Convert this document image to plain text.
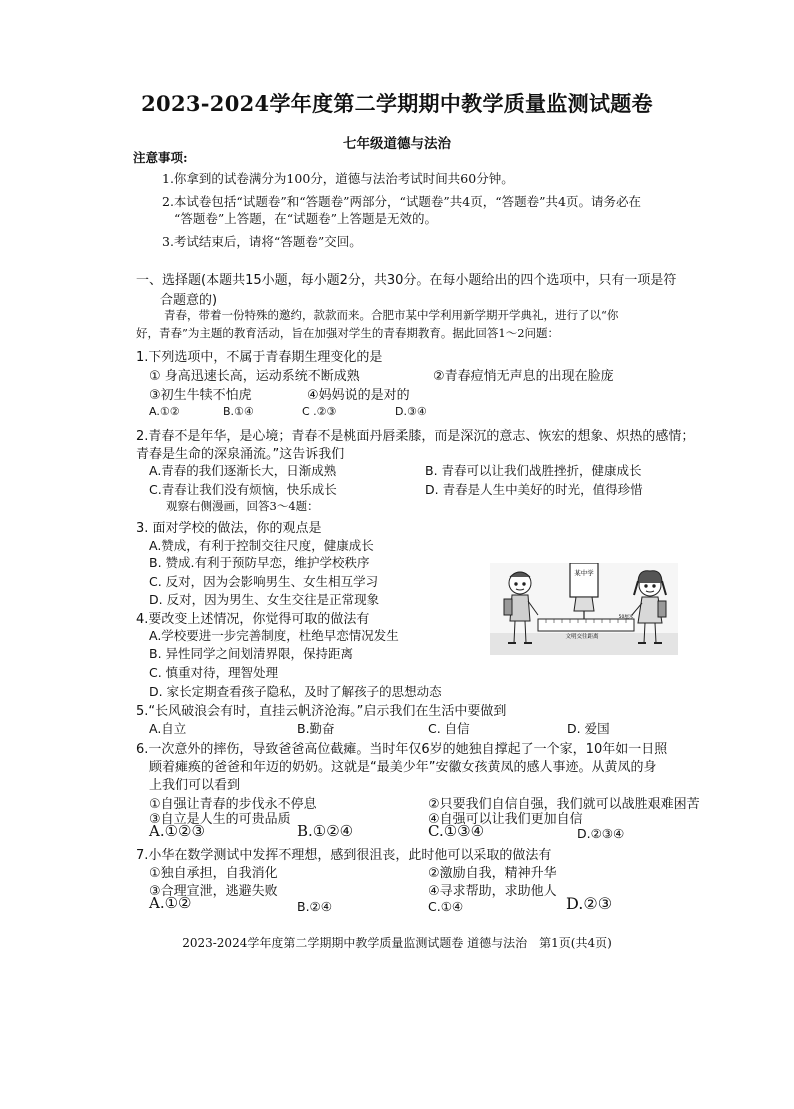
2023-2024学年度第二学期期中教学质量监测试题卷
七年级道德与法治
注意事项:
1.你拿到的试卷满分为100分，道德与法治考试时间共60分钟。
2.本试卷包括“试题卷”和“答题卷”两部分，“试题卷”共4页，“答题卷”共4页。请务必在
“答题卷”上答题，在“试题卷”上答题是无效的。
3.考试结束后，请将“答题卷”交回。
一、选择题(本题共15小题，每小题2分，共30分。在每小题给出的四个选项中，只有一项是符
合题意的)
青春，带着一份特殊的邀约，款款而来。合肥市某中学利用新学期开学典礼，进行了以“你
好，青春”为主题的教育活动，旨在加强对学生的青春期教育。据此回答1～2问题：
1.下列选项中，不属于青春期生理变化的是
① 身高迅速长高，运动系统不断成熟	②青春痘悄无声息的出现在脸庞
③初生牛犊不怕虎	④妈妈说的是对的
A.①②	B.①④	C .②③	D.③④
2.青春不是年华，是心境；青春不是桃面丹唇柔膝，而是深沉的意志、恢宏的想象、炽热的感情；
青春是生命的深泉涌流。”这告诉我们
A.青春的我们逐渐长大，日渐成熟	B. 青春可以让我们战胜挫折，健康成长
C.青春让我们没有烦恼，快乐成长	D. 青春是人生中美好的时光，值得珍惜
观察右侧漫画，回答3～4题：
3. 面对学校的做法，你的观点是
A.赞成，有利于控制交往尺度，健康成长
B. 赞成.有利于预防早恋，维护学校秩序
C. 反对，因为会影响男生、女生相互学习
D. 反对，因为男生、女生交往是正常现象
某中学
文明交往距离
50厘米
4.要改变上述情况，你觉得可取的做法有
A.学校要进一步完善制度，杜绝早恋情况发生
B. 异性同学之间划清界限，保持距离
C. 慎重对待，理智处理
D. 家长定期查看孩子隐私，及时了解孩子的思想动态
5.“长风破浪会有时，直挂云帆济沧海。”启示我们在生活中要做到
A.自立	B.勤奋	C. 自信	D. 爱国
6.一次意外的摔伤，导致爸爸高位截瘫。当时年仅6岁的她独自撑起了一个家，10年如一日照
顾着瘫痪的爸爸和年迈的奶奶。这就是“最美少年”安徽女孩黄凤的感人事迹。从黄凤的身
上我们可以看到
①自强让青春的步伐永不停息	②只要我们自信自强，我们就可以战胜艰难困苦
③自立是人生的可贵品质	④自强可以让我们更加自信
A.①②③	B.①②④	C.①③④	D.②③④
7.小华在数学测试中发挥不理想，感到很沮丧，此时他可以采取的做法有
①独自承担，自我消化	②激励自我，精神升华
③合理宣泄，逃避失败	④寻求帮助，求助他人
A.①②	B.②④	C.①④	D.②③
2023-2024学年度第二学期期中教学质量监测试题卷 道德与法治　第1页(共4页)
